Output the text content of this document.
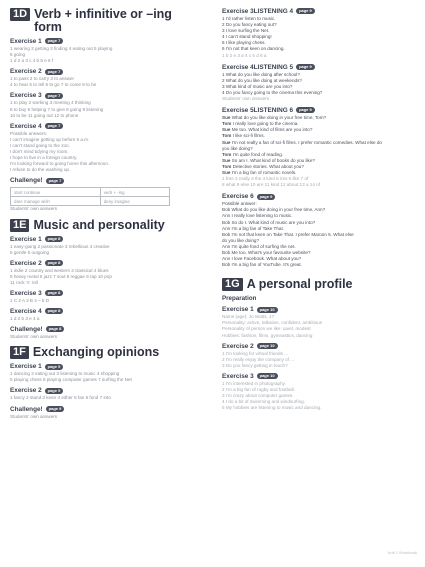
1D Verb + infinitive or –ing
form
Exercise 1 page 7
1 wearing 2 getting 3 finding 4 eating out 5 playing
6 going
1 d 2 a 3 c 4 b 5 e 6 f
Exercise 2 page 7
1 to pass 2 to carry 3 to answer
4 to hear 5 to tell 6 to go 7 to come 8 to be
Exercise 3 page 7
1 to play 2 working 3 meeting 4 thinking
5 to buy 6 helping 7 to give 8 going 9 listening
10 to be 11 going out 12 to phone
Exercise 4 page 7
Possible answers:
I can't imagine getting up before 6 a.m.
I can't stand going to the zoo.
I don't mind tidying my room.
I hope to live in a foreign country.
I'm looking forward to going home this afternoon.
I refuse to do the washing up.
Challenge! page 7
start continue	verb + ‑ing
dare manage wish	deny imagine
Students' own answers
1E Music and personality
Exercise 1 page 8
1 easy-going 2 passionate 3 rebellious 4 creative
5 gentle 6 outgoing
Exercise 2 page 8
1 indie 2 country and western 3 classical 4 blues
5 heavy metal 6 jazz 7 soul 8 reggae 9 rap 10 pop
11 rock 'n' roll
Exercise 3 page 8
1 C 2 A 3 B 4 – 5 D
Exercise 4 page 8
1 d 2 b 3 e 4 a
Challenge! page 8
Students' own answers
1F Exchanging opinions
Exercise 1 page 9
1 dancing 2 eating out 3 listening to music 4 shopping
5 playing chess 6 playing computer games 7 surfing the Net
Exercise 2 page 9
1 fancy 2 stand 3 keen 4 either 5 fan 6 fond 7 into
Challenge! page 9
Students' own answers
Exercise 3LISTENING 4 page 9
1 I'd rather listen to music.
2 Do you fancy eating out?
3 I love surfing the Net.
4 I can't stand shopping!
5 I like playing chess.
6 I'm not that keen on dancing.
1 b 2 e 3 a 4 c 5 d 6 a
Exercise 4LISTENING 5 page 9
1 What do you like doing after school?
2 What do you like doing at weekends?
3 What kind of music are you into?
4 Do you fancy going to the cinema this evening?
Students' own answers
Exercise 5LISTENING 6 page 9
Sue What do you like doing in your free time, Tom?
Tom I really love going to the cinema.
Sue Me too. What kind of films are you into?
Tom I like sci‑fi films.
Sue I'm not really a fan of sci‑fi films. I prefer romantic comedies. What else do
you like doing?
Tom I'm quite fond of reading.
Sue So am I. What kind of books do you like?
Tom Detective stories. What about you?
Sue I'm a big fan of romantic novels.
1 free 2 really 3 the 4 kind 5 into 6 like 7 of
8 what 9 else 10 are 11 kind 12 about 13 a 14 of
Exercise 6 page 9
Possible answer:
Bob What do you like doing in your free time, Ann?
Ann I really love listening to music.
Bob So do I. What kind of music are you into?
Ann I'm a big fan of Take That.
Bob I'm not that keen on Take That. I prefer Maroon 5. What else
do you like doing?
Ann I'm quite fond of surfing the net.
Bob Me too. What's your favourite website?
Ann I love Facebook. What about you?
Bob I'm a big fan of YouTube. It's great.
1G A personal profile
Preparation
Exercise 1 page 10
Name (age): Jo Watts, 17
Personality: active, talkative, confident, ambitious
Personality of person we like: quiet, modest
Hobbies: fashion, films, gymnastics, dancing
Exercise 2 page 10
1 I'm looking for virtual friends ...
2 I'm really enjoy the company of ...
3 Do you fancy getting in touch?
Exercise 3 page 10
1 I'm interested in photography.
2 I'm a big fan of rugby and football.
3 I'm crazy about computer games.
4 I do a bit of swimming and windsurfing.
5 My hobbies are listening to music and dancing.
Unit 1 Workbook
